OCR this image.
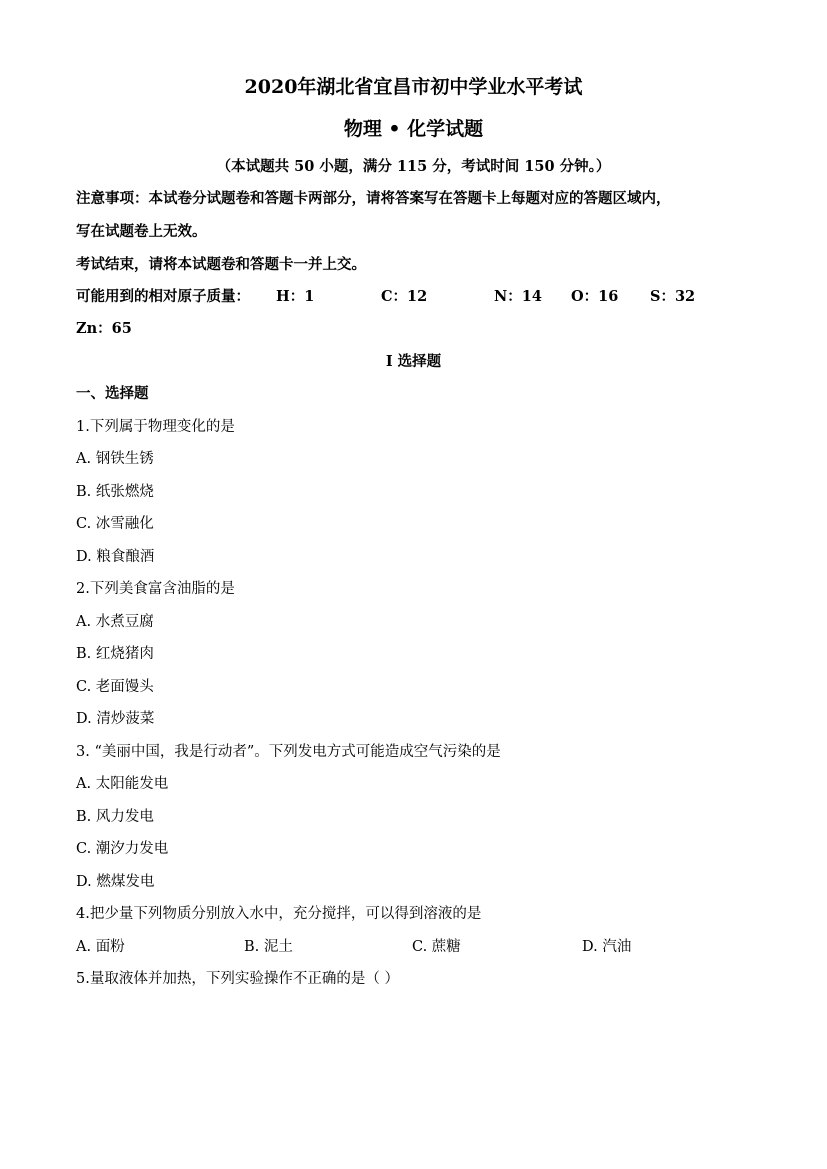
2020年湖北省宜昌市初中学业水平考试
物理 • 化学试题
（本试题共 50 小题，满分 115 分，考试时间 150 分钟。）
注意事项：本试卷分试题卷和答题卡两部分，请将答案写在答题卡上每题对应的答题区域内，
写在试题卷上无效。
考试结束，请将本试题卷和答题卡一并上交。
可能用到的相对原子质量： H：1	C：12	N：14 O：16 S：32
Zn：65
I 选择题
一、选择题
1.下列属于物理变化的是
A. 钢铁生锈
B. 纸张燃烧
C. 冰雪融化
D. 粮食酿酒
2.下列美食富含油脂的是
A. 水煮豆腐
B. 红烧猪肉
C. 老面馒头
D. 清炒菠菜
3. “美丽中国，我是行动者”。下列发电方式可能造成空气污染的是
A. 太阳能发电
B. 风力发电
C. 潮汐力发电
D. 燃煤发电
4.把少量下列物质分别放入水中，充分搅拌，可以得到溶液的是
A. 面粉	B. 泥土	C. 蔗糖	D. 汽油
5.量取液体并加热，下列实验操作不正确的是（ ）
